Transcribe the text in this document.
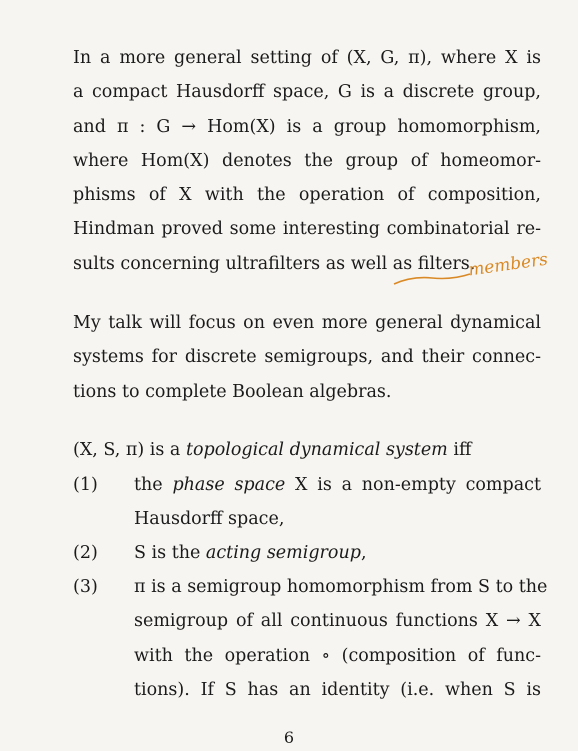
In a more general setting of (X, G, π), where X is
a compact Hausdorff space, G is a discrete group,
and π : G → Hom(X) is a group homomorphism,
where Hom(X) denotes the group of homeomor-
phisms of X with the operation of composition,
Hindman proved some interesting combinatorial re-
sults concerning ultrafilters as well as filters.
members
My talk will focus on even more general dynamical
systems for discrete semigroups, and their connec-
tions to complete Boolean algebras.
(X, S, π) is a topological dynamical system iff
(1)	the phase space X is a non-empty compact
Hausdorff space,
(2)	S is the acting semigroup,
(3)	π is a semigroup homomorphism from S to the
semigroup of all continuous functions X → X
with the operation ∘ (composition of func-
tions). If S has an identity (i.e. when S is
6
